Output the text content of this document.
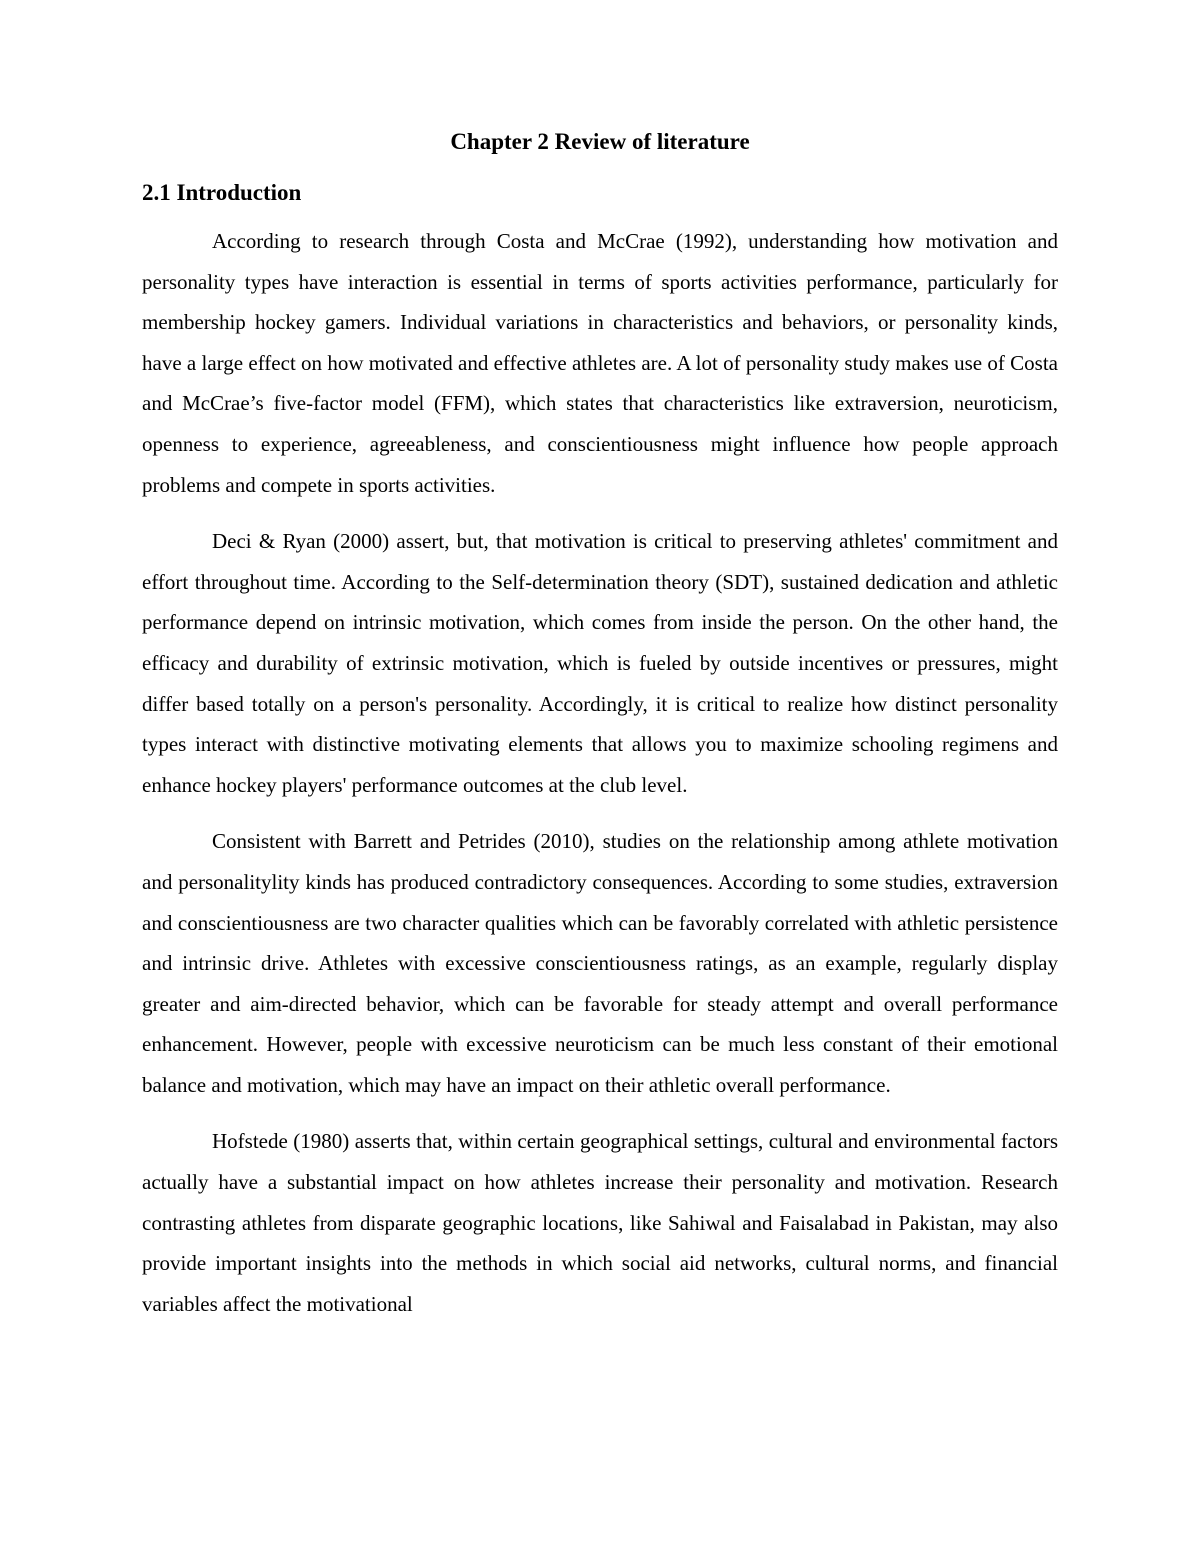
Chapter 2 Review of literature
2.1 Introduction

According to research through Costa and McCrae (1992), understanding how motivation and personality types have interaction is essential in terms of sports activities performance, particularly for membership hockey gamers. Individual variations in characteristics and behaviors, or personality kinds, have a large effect on how motivated and effective athletes are. A lot of personality study makes use of Costa and McCrae’s five-factor model (FFM), which states that characteristics like extraversion, neuroticism, openness to experience, agreeableness, and conscientiousness might influence how people approach problems and compete in sports activities.

Deci & Ryan (2000) assert, but, that motivation is critical to preserving athletes' commitment and effort throughout time. According to the Self-determination theory (SDT), sustained dedication and athletic performance depend on intrinsic motivation, which comes from inside the person. On the other hand, the efficacy and durability of extrinsic motivation, which is fueled by outside incentives or pressures, might differ based totally on a person's personality. Accordingly, it is critical to realize how distinct personality types interact with distinctive motivating elements that allows you to maximize schooling regimens and enhance hockey players' performance outcomes at the club level.

Consistent with Barrett and Petrides (2010), studies on the relationship among athlete motivation and personalitylity kinds has produced contradictory consequences. According to some studies, extraversion and conscientiousness are two character qualities which can be favorably correlated with athletic persistence and intrinsic drive. Athletes with excessive conscientiousness ratings, as an example, regularly display greater and aim-directed behavior, which can be favorable for steady attempt and overall performance enhancement. However, people with excessive neuroticism can be much less constant of their emotional balance and motivation, which may have an impact on their athletic overall performance.

Hofstede (1980) asserts that, within certain geographical settings, cultural and environmental factors actually have a substantial impact on how athletes increase their personality and motivation. Research contrasting athletes from disparate geographic locations, like Sahiwal and Faisalabad in Pakistan, may also provide important insights into the methods in which social aid networks, cultural norms, and financial variables affect the motivational
